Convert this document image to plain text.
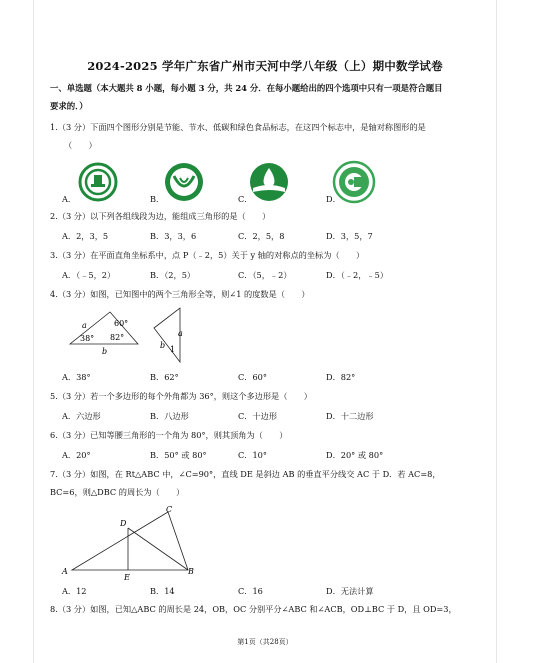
2024-2025 学年广东省广州市天河中学八年级（上）期中数学试卷
一、单选题（本大题共 8 小题，每小题 3 分，共 24 分．在每小题给出的四个选项中只有一项是符合题目
要求的．）
1.（3 分）下面四个图形分别是节能、节水、低碳和绿色食品标志，在这四个标志中，是轴对称图形的是
（　　）
A．	B．	C．	D．
2.（3 分）以下列各组线段为边，能组成三角形的是（　　）
A．2，3，5	B．3，3，6	C．2，5，8	D．3，5，7
3.（3 分）在平面直角坐标系中，点 P（﹣2，5）关于 y 轴的对称点的坐标为（　　）
A．（﹣5，2）	B．（2，5）	C．（5，﹣2）	D．（﹣2，﹣5）
4.（3 分）如图，已知图中的两个三角形全等，则∠1 的度数是（　　）
60°
38° 82°
a
b
a
b 1
A．38°	B．62°	C．60°	D．82°
5.（3 分）若一个多边形的每个外角都为 36°，则这个多边形是（　　）
A．六边形	B．八边形	C．十边形	D．十二边形
6.（3 分）已知等腰三角形的一个角为 80°，则其顶角为（　　）
A．20°	B．50° 或 80°	C．10°	D．20° 或 80°
7.（3 分）如图，在 Rt△ABC 中，∠C=90°，直线 DE 是斜边 AB 的垂直平分线交 AC 于 D．若 AC=8，
BC=6，则△DBC 的周长为（　　）
C
D
A
E
B
A．12	B．14	C．16	D．无法计算
8.（3 分）如图，已知△ABC 的周长是 24，OB，OC 分别平分∠ABC 和∠ACB，OD⊥BC 于 D，且 OD=3，
第1页（共28页）
